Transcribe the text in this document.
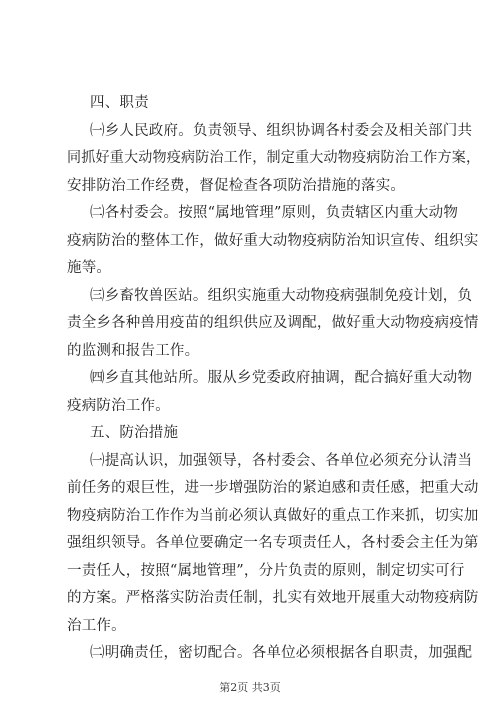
四、职责
㈠乡人民政府。负责领导、组织协调各村委会及相关部门共
同抓好重大动物疫病防治工作，制定重大动物疫病防治工作方案，
安排防治工作经费，督促检查各项防治措施的落实。
㈡各村委会。按照“属地管理”原则，负责辖区内重大动物
疫病防治的整体工作，做好重大动物疫病防治知识宣传、组织实
施等。
㈢乡畜牧兽医站。组织实施重大动物疫病强制免疫计划，负
责全乡各种兽用疫苗的组织供应及调配，做好重大动物疫病疫情
的监测和报告工作。
㈣乡直其他站所。服从乡党委政府抽调，配合搞好重大动物
疫病防治工作。
五、防治措施
㈠提高认识，加强领导，各村委会、各单位必须充分认清当
前任务的艰巨性，进一步增强防治的紧迫感和责任感，把重大动
物疫病防治工作作为当前必须认真做好的重点工作来抓，切实加
强组织领导。各单位要确定一名专项责任人，各村委会主任为第
一责任人，按照“属地管理”，分片负责的原则，制定切实可行
的方案。严格落实防治责任制，扎实有效地开展重大动物疫病防
治工作。
㈡明确责任，密切配合。各单位必须根据各自职责，加强配
第2页 共3页
